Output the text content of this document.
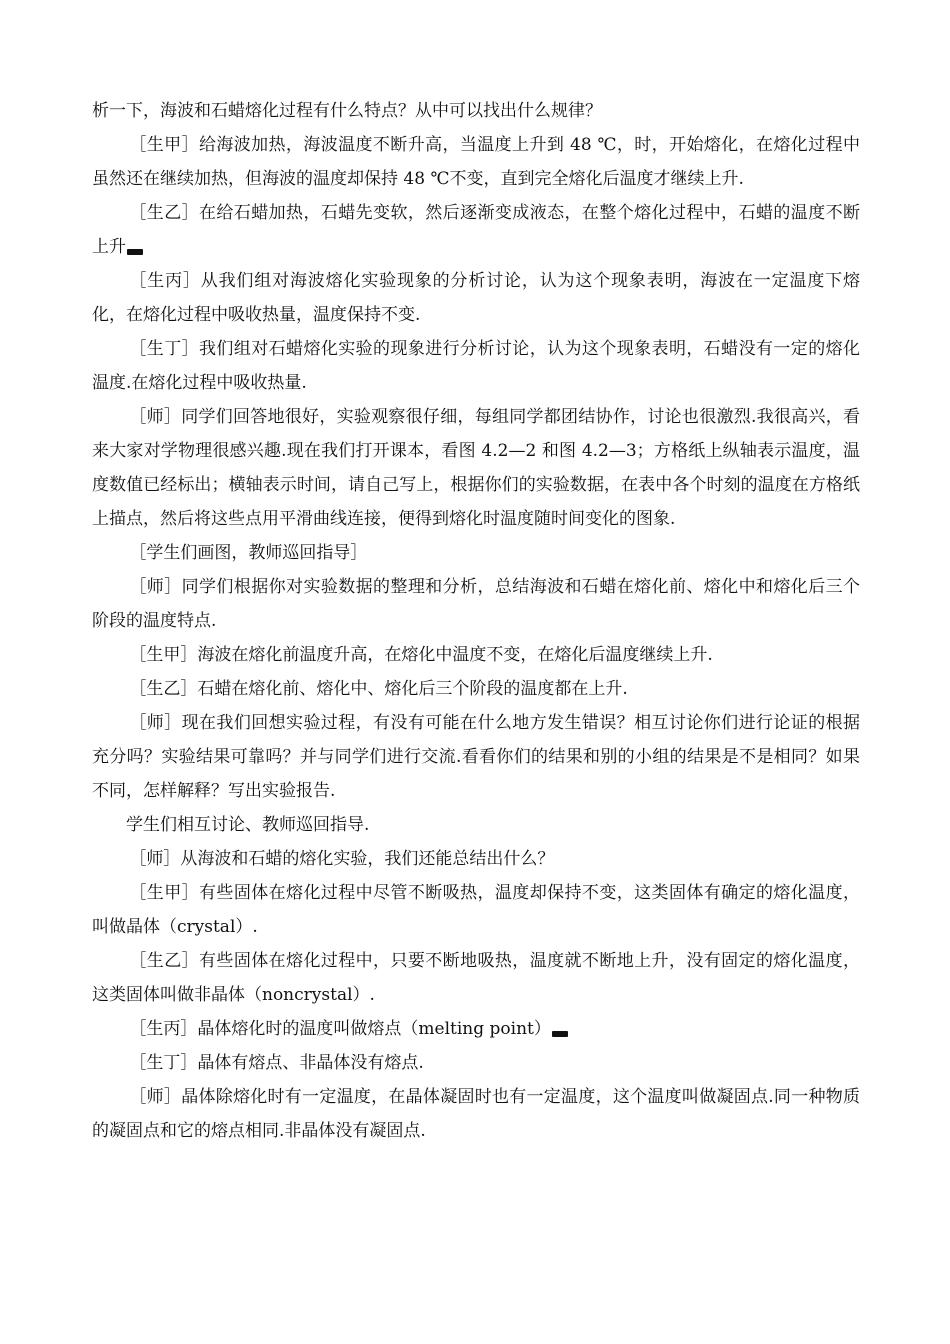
析一下，海波和石蜡熔化过程有什么特点？从中可以找出什么规律？

［生甲］给海波加热，海波温度不断升高，当温度上升到 48 ℃，时，开始熔化，在熔化过程中虽然还在继续加热，但海波的温度却保持 48 ℃不变，直到完全熔化后温度才继续上升.

［生乙］在给石蜡加热，石蜡先变软，然后逐渐变成液态，在整个熔化过程中，石蜡的温度不断上升

［生丙］从我们组对海波熔化实验现象的分析讨论，认为这个现象表明，海波在一定温度下熔化，在熔化过程中吸收热量，温度保持不变.

［生丁］我们组对石蜡熔化实验的现象进行分析讨论，认为这个现象表明，石蜡没有一定的熔化温度.在熔化过程中吸收热量.

［师］同学们回答地很好，实验观察很仔细，每组同学都团结协作，讨论也很激烈.我很高兴，看来大家对学物理很感兴趣.现在我们打开课本，看图 4.2—2 和图 4.2—3；方格纸上纵轴表示温度，温度数值已经标出；横轴表示时间，请自己写上，根据你们的实验数据，在表中各个时刻的温度在方格纸上描点，然后将这些点用平滑曲线连接，便得到熔化时温度随时间变化的图象.

［学生们画图，教师巡回指导］

［师］同学们根据你对实验数据的整理和分析，总结海波和石蜡在熔化前、熔化中和熔化后三个阶段的温度特点.

［生甲］海波在熔化前温度升高，在熔化中温度不变，在熔化后温度继续上升.

［生乙］石蜡在熔化前、熔化中、熔化后三个阶段的温度都在上升.

［师］现在我们回想实验过程，有没有可能在什么地方发生错误？相互讨论你们进行论证的根据充分吗？实验结果可靠吗？并与同学们进行交流.看看你们的结果和别的小组的结果是不是相同？如果不同，怎样解释？写出实验报告.

学生们相互讨论、教师巡回指导.

［师］从海波和石蜡的熔化实验，我们还能总结出什么？

［生甲］有些固体在熔化过程中尽管不断吸热，温度却保持不变，这类固体有确定的熔化温度，叫做晶体（crystal）.

［生乙］有些固体在熔化过程中，只要不断地吸热，温度就不断地上升，没有固定的熔化温度，这类固体叫做非晶体（noncrystal）.

［生丙］晶体熔化时的温度叫做熔点（melting point）

［生丁］晶体有熔点、非晶体没有熔点.

［师］晶体除熔化时有一定温度，在晶体凝固时也有一定温度，这个温度叫做凝固点.同一种物质的凝固点和它的熔点相同.非晶体没有凝固点.
